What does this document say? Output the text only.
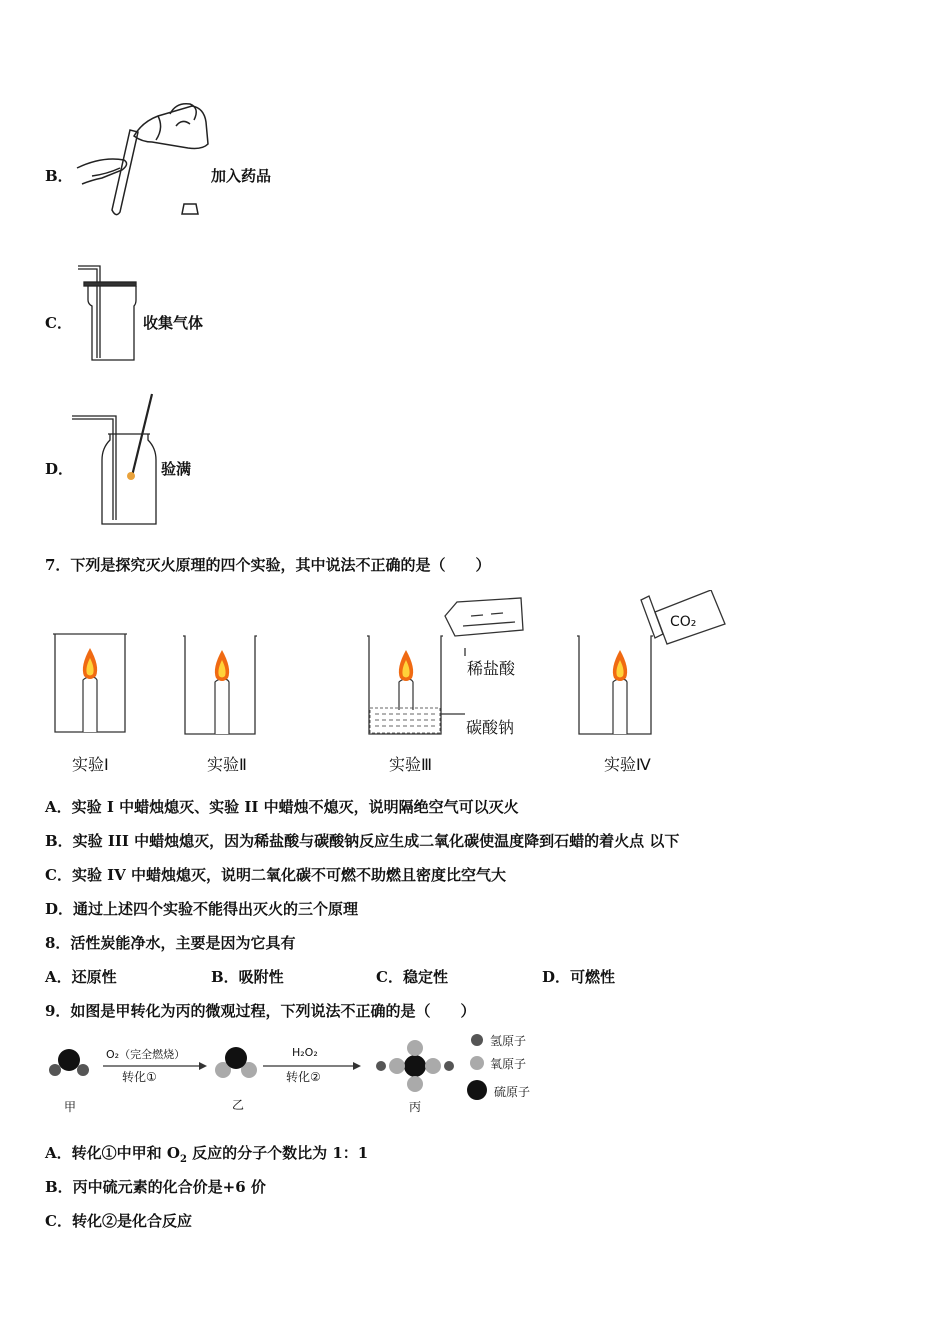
B．	加入药品
C．	收集气体
D．	验满
7．下列是探究灭火原理的四个实验，其中说法不正确的是（　　）
实验Ⅰ	实验Ⅱ	实验Ⅲ	实验Ⅳ
稀盐酸
碳酸钠
CO₂
A．实验 I 中蜡烛熄灭、实验 II 中蜡烛不熄灭，说明隔绝空气可以灭火
B．实验 III 中蜡烛熄灭，因为稀盐酸与碳酸钠反应生成二氧化碳使温度降到石蜡的着火点 以下
C．实验 IV 中蜡烛熄灭，说明二氧化碳不可燃不助燃且密度比空气大
D．通过上述四个实验不能得出灭火的三个原理
8．活性炭能净水，主要是因为它具有
A．还原性	B．吸附性	C．稳定性	D．可燃性
9．如图是甲转化为丙的微观过程，下列说法不正确的是（　　）
O₂（完全燃烧）
转化①
H₂O₂
转化②
甲	乙	丙
氢原子
氧原子
硫原子
A．转化①中甲和 $O_2$ 反应的分子个数比为 1：1
B．丙中硫元素的化合价是+6 价
C．转化②是化合反应
